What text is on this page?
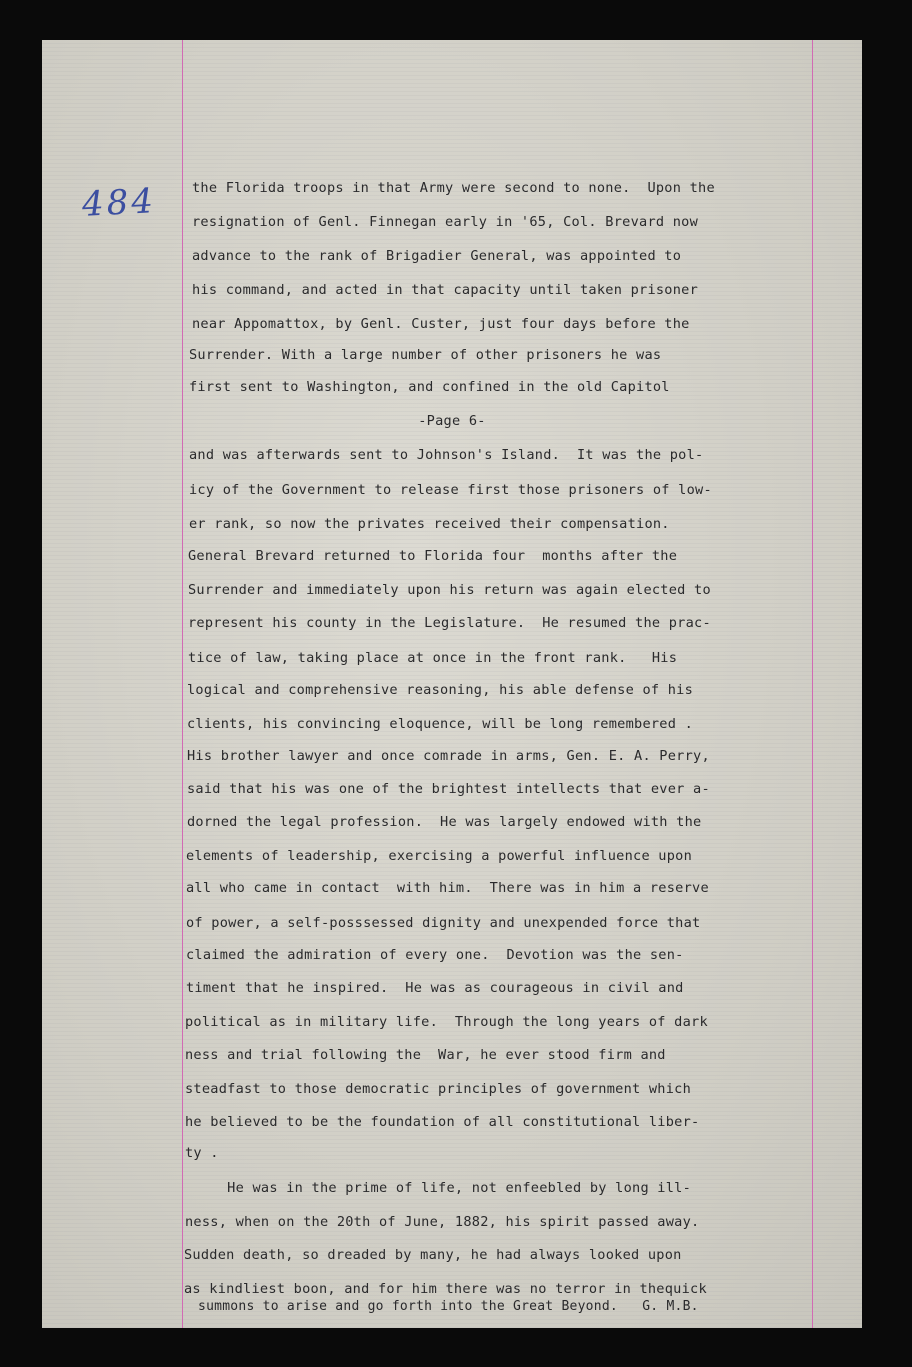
484	the Florida troops in that Army were second to none.  Upon the
resignation of Genl. Finnegan early in '65, Col. Brevard now
advance to the rank of Brigadier General, was appointed to
his command, and acted in that capacity until taken prisoner
near Appomattox, by Genl. Custer, just four days before the
Surrender. With a large number of other prisoners he was
first sent to Washington, and confined in the old Capitol
-Page 6-
and was afterwards sent to Johnson's Island.  It was the pol-
icy of the Government to release first those prisoners of low-
er rank, so now the privates received their compensation.
General Brevard returned to Florida four  months after the
Surrender and immediately upon his return was again elected to
represent his county in the Legislature.  He resumed the prac-
tice of law, taking place at once in the front rank.   His
logical and comprehensive reasoning, his able defense of his
clients, his convincing eloquence, will be long remembered .
His brother lawyer and once comrade in arms, Gen. E. A. Perry,
said that his was one of the brightest intellects that ever a-
dorned the legal profession.  He was largely endowed with the
elements of leadership, exercising a powerful influence upon
all who came in contact  with him.  There was in him a reserve
of power, a self-posssessed dignity and unexpended force that
claimed the admiration of every one.  Devotion was the sen-
timent that he inspired.  He was as courageous in civil and
political as in military life.  Through the long years of dark
ness and trial following the  War, he ever stood firm and
steadfast to those democratic principles of government which
he believed to be the foundation of all constitutional liber-
ty .
He was in the prime of life, not enfeebled by long ill-
ness, when on the 20th of June, 1882, his spirit passed away.
Sudden death, so dreaded by many, he had always looked upon
as kindliest boon, and for him there was no terror in thequick
summons to arise and go forth into the Great Beyond.   G. M.B.
